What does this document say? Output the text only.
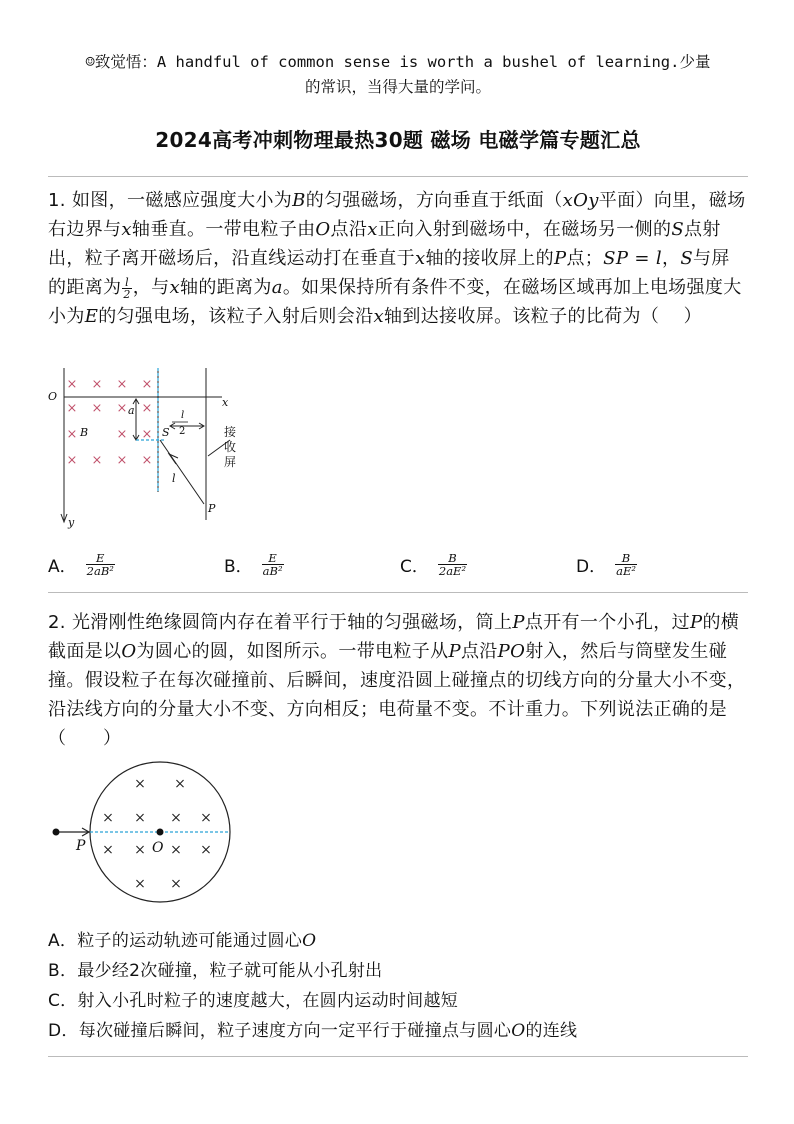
☺致觉悟：A handful of common sense is worth a bushel of learning.少量
的常识，当得大量的学问。
2024高考冲刺物理最热30题 磁场 电磁学篇专题汇总
1. 如图，一磁感应强度大小为B的匀强磁场，方向垂直于纸面（xOy平面）向里，磁场右边界与x轴垂直。一带电粒子由O点沿x正向入射到磁场中，在磁场另一侧的S点射出，粒子离开磁场后，沿直线运动打在垂直于x轴的接收屏上的P点；SP = l，S与屏的距离为 $\frac{l}{2}$ ，与x轴的距离为a。如果保持所有条件不变，在磁场区域再加上电场强度大小为E的匀强电场，该粒子入射后则会沿x轴到达接收屏。该粒子的比荷为（　 ）
× × × ×
× × × ×
×	× ×
× × × ×
O	x
y
a
B	S
l
l
2
P
接
收
屏
A． $\frac{E}{\text{2aB²}}$	B． $\frac{E}{\text{aB²}}$	C． $\frac{B}{\text{2aE²}}$	D． $\frac{B}{\text{aE²}}$
2. 光滑刚性绝缘圆筒内存在着平行于轴的匀强磁场，筒上P点开有一个小孔，过P的横截面是以O为圆心的圆，如图所示。一带电粒子从P点沿PO射入，然后与筒壁发生碰撞。假设粒子在每次碰撞前、后瞬间，速度沿圆上碰撞点的切线方向的分量大小不变，沿法线方向的分量大小不变、方向相反；电荷量不变。不计重力。下列说法正确的是（　　）
× ×
× × × ×
× × × ×
× ×
P	O
A．粒子的运动轨迹可能通过圆心O
B．最少经2次碰撞，粒子就可能从小孔射出
C．射入小孔时粒子的速度越大，在圆内运动时间越短
D．每次碰撞后瞬间，粒子速度方向一定平行于碰撞点与圆心O的连线
